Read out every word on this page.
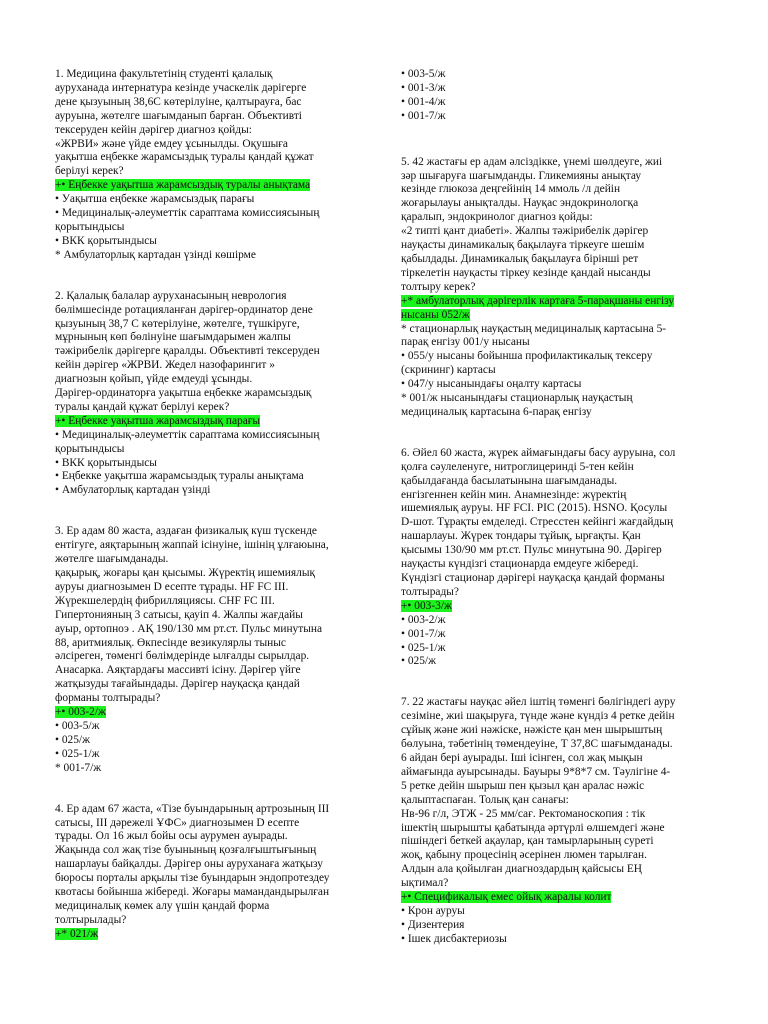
1. Медицина факультетінің студенті қалалық
ауруханада интернатура кезінде учаскелік дәрігерге
дене қызуының 38,6С көтерілуіне, қалтырауға, бас
ауруына, жөтелге шағымданып барған. Объективті
тексеруден кейін дәрігер диагноз қойды:
«ЖРВИ» және үйде емдеу ұсынылды. Оқушыға
уақытша еңбекке жарамсыздық туралы қандай құжат
берілуі керек?
+• Еңбекке уақытша жарамсыздық туралы анықтама
• Уақытша еңбекке жарамсыздық парағы
• Медициналық-әлеуметтік сараптама комиссиясының
қорытындысы
• ВКК қорытындысы
* Амбулаторлық картадан үзінді көшірме
2. Қалалық балалар ауруханасының неврология
бөлімшесінде ротацияланған дәрігер-ординатор дене
қызуының 38,7 С көтерілуіне, жөтелге, түшкіруге,
мұрнының көп бөлінуіне шағымдарымен жалпы
тәжірибелік дәрігерге қаралды. Объективті тексеруден
кейін дәрігер «ЖРВИ. Жедел назофарингит »
диагнозын қойып, үйде емдеуді ұсынды.
Дәрігер-ординаторға уақытша еңбекке жарамсыздық
туралы қандай құжат берілуі керек?
+• Еңбекке уақытша жарамсыздық парағы
• Медициналық-әлеуметтік сараптама комиссиясының
қорытындысы
• ВКК қорытындысы
• Еңбекке уақытша жарамсыздық туралы анықтама
• Амбулаторлық картадан үзінді
3. Ер адам 80 жаста, аздаған физикалық күш түскенде
ентігуге, аяқтарының жаппай ісінуіне, ішінің ұлғаюына,
жөтелге шағымданады.
қақырық, жоғары қан қысымы. Жүректің ишемиялық
ауруы диагнозымен D есепте тұрады. HF FC III.
Жүрекшелердің фибрилляциясы. CHF FC III.
Гипертонияның 3 сатысы, қауіп 4. Жалпы жағдайы
ауыр, ортопноэ . АҚ 190/130 мм рт.ст. Пульс минутына
88, аритмиялық. Өкпесінде везикулярлы тыныс
әлсіреген, төменгі бөлімдерінде ылғалды сырылдар.
Анасарка. Аяқтардағы массивті ісіну. Дәрігер үйге
жатқызуды тағайындады. Дәрігер науқасқа қандай
форманы толтырады?
+• 003-2/ж
• 003-5/ж
• 025/ж
• 025-1/ж
* 001-7/ж
4. Ер адам 67 жаста, «Тізе буындарының артрозының III
сатысы, III дәрежелі ҰФС» диагнозымен D есепте
тұрады. Ол 16 жыл бойы осы аурумен ауырады.
Жақында сол жақ тізе буынының қозғалғыштығының
нашарлауы байқалды. Дәрігер оны ауруханаға жатқызу
бюросы порталы арқылы тізе буындарын эндопротездеу
квотасы бойынша жібереді. Жоғары мамандандырылған
медициналық көмек алу үшін қандай форма
толтырылады?
+* 021/ж
• 003-5/ж
• 001-3/ж
• 001-4/ж
• 001-7/ж
5. 42 жастағы ер адам әлсіздікке, үнемі шөлдеуге, жиі
зәр шығаруға шағымданды. Гликемияны анықтау
кезінде глюкоза деңгейінің 14 ммоль /л дейін
жоғарылауы анықталды. Науқас эндокринологқа
қаралып, эндокринолог диагноз қойды:
«2 типті қант диабеті». Жалпы тәжірибелік дәрігер
науқасты динамикалық бақылауға тіркеуге шешім
қабылдады. Динамикалық бақылауға бірінші рет
тіркелетін науқасты тіркеу кезінде қандай нысанды
толтыру керек?
+* амбулаторлық дәрігерлік картаға 5-парақшаны енгізу
нысаны 052/ж
* стационарлық науқастың медициналық картасына 5-
парақ енгізу 001/у нысаны
• 055/у нысаны бойынша профилактикалық тексеру
(скрининг) картасы
• 047/у нысанындағы оңалту картасы
* 001/ж нысанындағы стационарлық науқастың
медициналық картасына 6-парақ енгізу
6. Әйел 60 жаста, жүрек аймағындағы басу ауруына, сол
қолға сәулеленуге, нитроглицеринді 5-тен кейін
қабылдағанда басылатынына шағымданады.
енгізгеннен кейін мин. Анамнезінде: жүректің
ишемиялық ауруы. HF FCI. PIC (2015). HSNO. Қосулы
D-шот. Тұрақты емделеді. Стресстен кейінгі жағдайдың
нашарлауы. Жүрек тондары тұйық, ырғақты. Қан
қысымы 130/90 мм рт.ст. Пульс минутына 90. Дәрігер
науқасты күндізгі стационарда емдеуге жібереді.
Күндізгі стационар дәрігері науқасқа қандай форманы
толтырады?
+• 003-3/ж
• 003-2/ж
• 001-7/ж
• 025-1/ж
• 025/ж
7. 22 жастағы науқас әйел іштің төменгі бөлігіндегі ауру
сезіміне, жиі шақыруға, түнде және күндіз 4 ретке дейін
сұйық және жиі нәжіске, нәжісте қан мен шырыштың
бөлуына, тәбетінің төмендеуіне, Т 37,8С шағымданады.
6 айдан бері ауырады. Іші ісінген, сол жақ мықын
аймағында ауырсынады. Бауыры 9*8*7 см. Тәулігіне 4-
5 ретке дейін шырыш пен қызыл қан аралас нәжіс
қалыптаспаған. Толық қан санағы:
Нв-96 г/л, ЭТЖ - 25 мм/сағ. Ректоманоскопия : тік
ішектің шырышты қабатында әртүрлі өлшемдегі және
пішіндегі беткей ақаулар, қан тамырларының суреті
жоқ, қабыну процесінің әсерінен люмен тарылған.
Алдын ала қойылған диагноздардың қайсысы ЕҢ
ықтимал?
+• Спецификалық емес ойық жаралы колит
• Крон ауруы
• Дизентерия
• Ішек дисбактериозы
